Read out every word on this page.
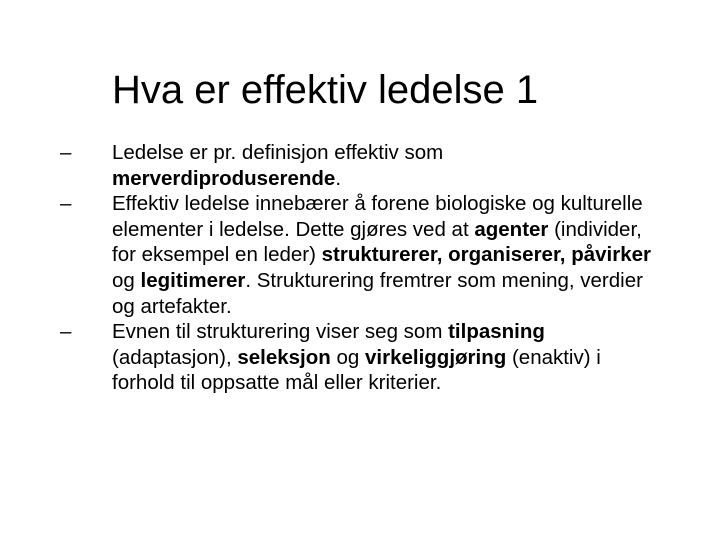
Hva er effektiv ledelse 1
– Ledelse er pr. definisjon effektiv som merverdiproduserende.
– Effektiv ledelse innebærer å forene biologiske og kulturelle elementer i ledelse. Dette gjøres ved at agenter (individer, for eksempel en leder) strukturerer, organiserer, påvirker og legitimerer. Strukturering fremtrer som mening, verdier og artefakter.
– Evnen til strukturering viser seg som tilpasning (adaptasjon), seleksjon og virkeliggjøring (enaktiv) i forhold til oppsatte mål eller kriterier.
